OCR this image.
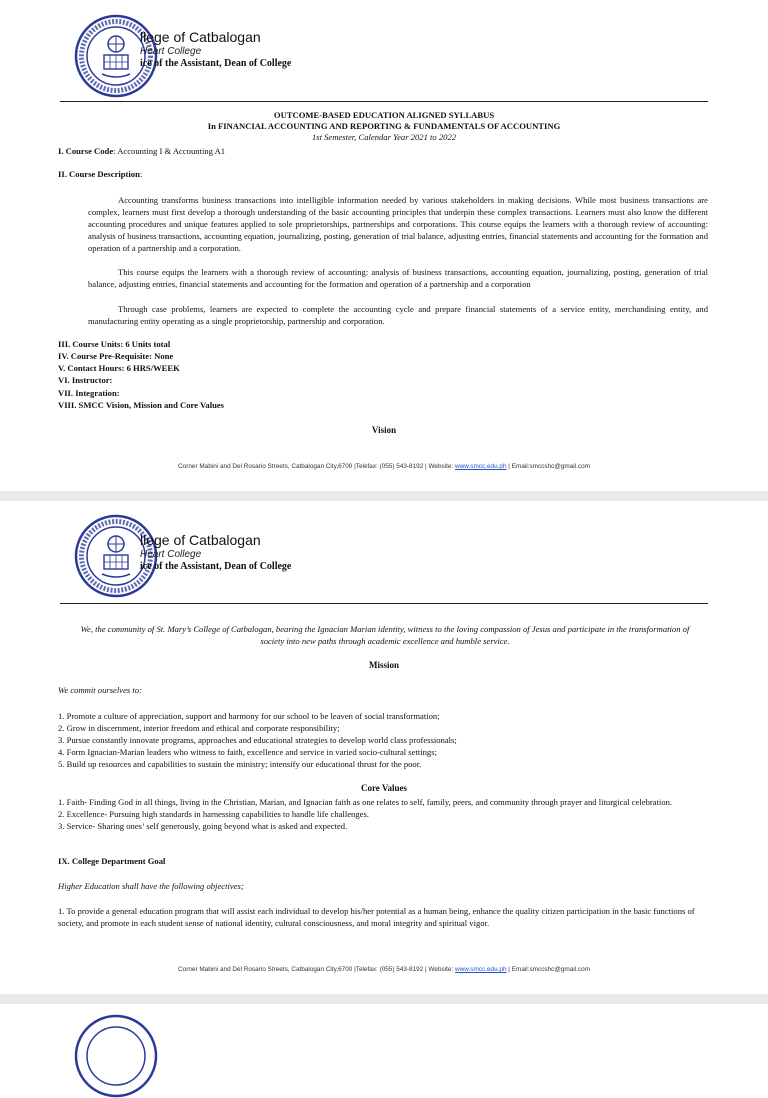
llege of Catbalogan
Heart College
ice of the Assistant, Dean of College
OUTCOME-BASED EDUCATION ALIGNED SYLLABUS
In FINANCIAL ACCOUNTING AND REPORTING & FUNDAMENTALS OF ACCOUNTING
1st Semester, Calendar Year 2021 to 2022
I. Course Code: Accounting I & Accounting A1
II. Course Description:
Accounting transforms business transactions into intelligible information needed by various stakeholders in making decisions. While most business transactions are complex, learners must first develop a thorough understanding of the basic accounting principles that underpin these complex transactions. Learners must also know the different accounting procedures and unique features applied to sole proprietorships, partnerships and corporations. This course equips the learners with a thorough review of accounting: analysis of business transactions, accounting equation, journalizing, posting, generation of trial balance, adjusting entries, financial statements and accounting for the formation and operation of a partnership and a corporation.
This course equips the learners with a thorough review of accounting: analysis of business transactions, accounting equation, journalizing, posting, generation of trial balance, adjusting entries, financial statements and accounting for the formation and operation of a partnership and a corporation
Through case problems, learners are expected to complete the accounting cycle and prepare financial statements of a service entity, merchandising entity, and manufacturing entity operating as a single proprietorship, partnership and corporation.
III. Course Units: 6 Units total
IV. Course Pre-Requisite: None
V. Contact Hours: 6 HRS/WEEK
VI. Instructor:
VII. Integration:
VIII. SMCC Vision, Mission and Core Values
Vision
Corner Mabini and Del Rosario Streets, Catbalogan City,6700 |Telefax: (055) 543-8192 | Website: www.smcc.edu.ph | Email:smccshc@gmail.com
llege of Catbalogan
Heart College
ice of the Assistant, Dean of College
We, the community of St. Mary’s College of Catbalogan, bearing the Ignacian Marian identity, witness to the loving compassion of Jesus and participate in the transformation of society into new paths through academic excellence and humble service.
Mission
We commit ourselves to:
1. Promote a culture of appreciation, support and harmony for our school to be leaven of social transformation;
2. Grow in discernment, interior freedom and ethical and corporate responsibility;
3. Pursue constantly innovate programs, approaches and educational strategies to develop world class professionals;
4. Form Ignacian-Marian leaders who witness to faith, excellence and service in varied socio-cultural settings;
5. Build up resources and capabilities to sustain the ministry; intensify our educational thrust for the poor.
Core Values
1. Faith- Finding God in all things, living in the Christian, Marian, and Ignacian faith as one relates to self, family, peers, and community through prayer and liturgical celebration.
2. Excellence- Pursuing high standards in harnessing capabilities to handle life challenges.
3. Service- Sharing ones’ self generously, going beyond what is asked and expected.
IX. College Department Goal
Higher Education shall have the following objectives;
1. To provide a general education program that will assist each individual to develop his/her potential as a human being, enhance the quality citizen participation in the basic functions of society, and promote in each student sense of national identity, cultural consciousness, and moral integrity and spiritual vigor.
Corner Mabini and Del Rosario Streets, Catbalogan City,6700 |Telefax: (055) 543-8192 | Website: www.smcc.edu.ph | Email:smccshc@gmail.com
